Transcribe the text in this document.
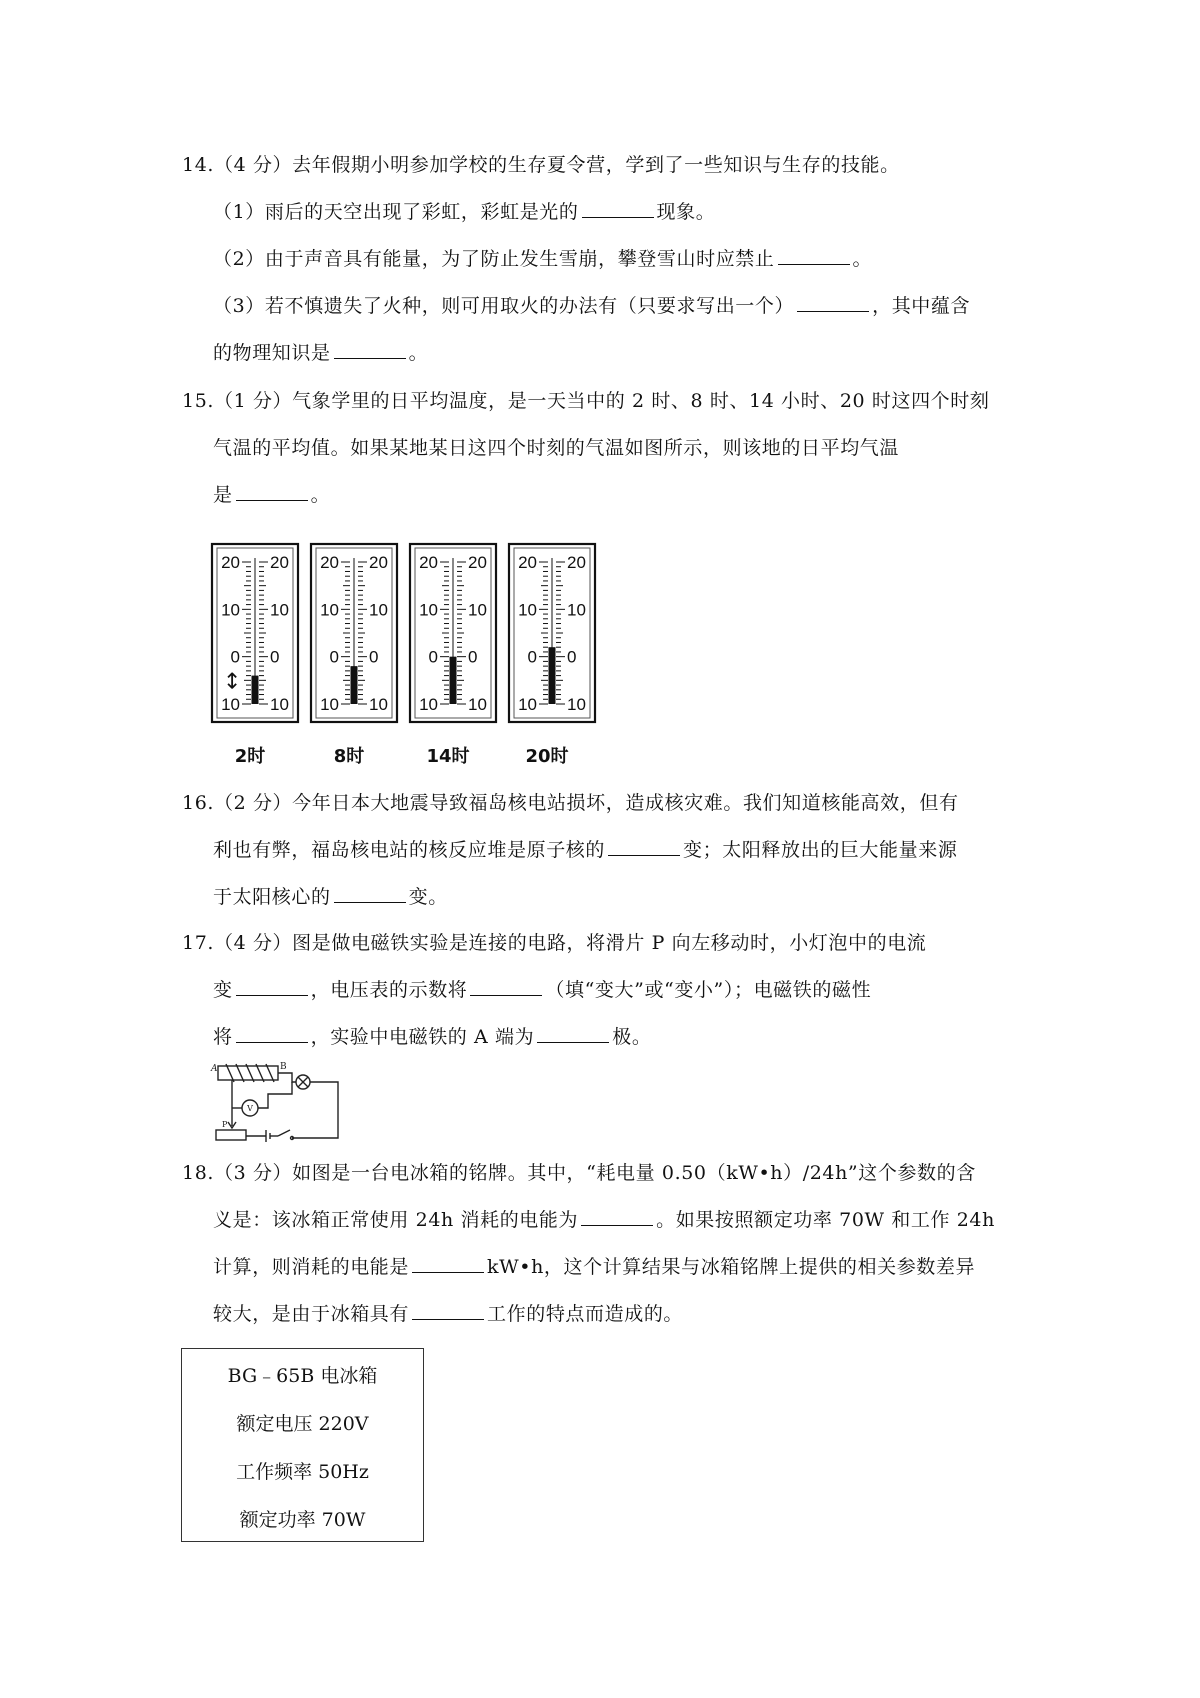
14.（4 分）去年假期小明参加学校的生存夏令营，学到了一些知识与生存的技能。

（1）雨后的天空出现了彩虹，彩虹是光的	现象。

（2）由于声音具有能量，为了防止发生雪崩，攀登雪山时应禁止	。

（3）若不慎遗失了火种，则可用取火的办法有（只要求写出一个）	，其中蕴含

的物理知识是	。

15.（1 分）气象学里的日平均温度，是一天当中的 2 时、8 时、14 小时、20 时这四个时刻

气温的平均值。如果某地某日这四个时刻的气温如图所示，则该地的日平均气温

是	。

20 20
10 10
0 0
10 10
2时
20 20
10 10
0 0
10 10
8时
20 20
10 10
0 0
10 10
14时
20 20
10 10
0 0
10 10
20时
↕

16.（2 分）今年日本大地震导致福岛核电站损坏，造成核灾难。我们知道核能高效，但有

利也有弊，福岛核电站的核反应堆是原子核的	变；太阳释放出的巨大能量来源

于太阳核心的	变。

17.（4 分）图是做电磁铁实验是连接的电路，将滑片 P 向左移动时，小灯泡中的电流

变	，电压表的示数将	（填“变大”或“变小”）；电磁铁的磁性

将	，实验中电磁铁的 A 端为	极。

A	B
P
V

18.（3 分）如图是一台电冰箱的铭牌。其中，“耗电量 0.50（kW•h）/24h”这个参数的含

义是：该冰箱正常使用 24h 消耗的电能为	。如果按照额定功率 70W 和工作 24h

计算，则消耗的电能是	kW•h，这个计算结果与冰箱铭牌上提供的相关参数差异

较大，是由于冰箱具有	工作的特点而造成的。

BG﹣65B 电冰箱
额定电压 220V
工作频率 50Hz
额定功率 70W
